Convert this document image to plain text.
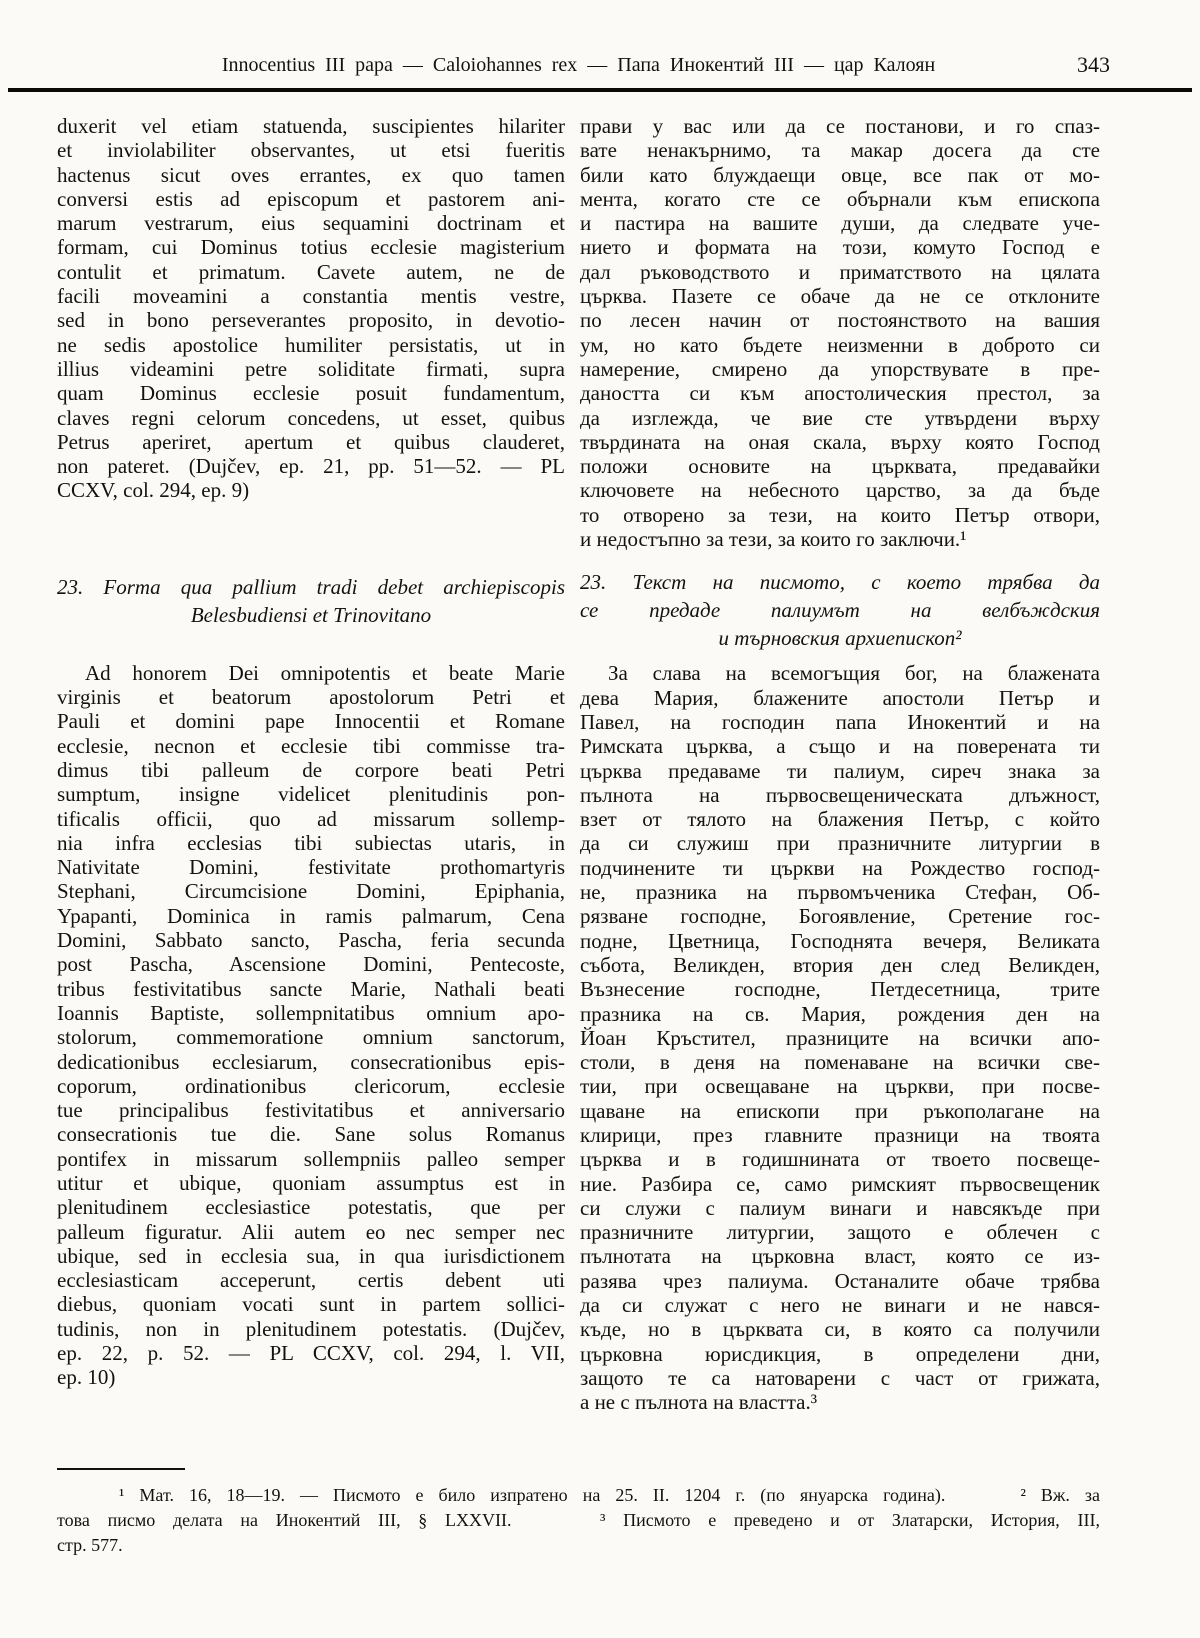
Innocentius III papa — Caloiohannes rex — Папа Инокентий III — цар Калоян	343
duxerit vel etiam statuenda, suscipientes hilariter
et inviolabiliter observantes, ut etsi fueritis
hactenus sicut oves errantes, ex quo tamen
conversi estis ad episcopum et pastorem ani-
marum vestrarum, eius sequamini doctrinam et
formam, cui Dominus totius ecclesie magisterium
contulit et primatum. Cavete autem, ne de
facili moveamini a constantia mentis vestre,
sed in bono perseverantes proposito, in devotio-
ne sedis apostolice humiliter persistatis, ut in
illius videamini petre soliditate firmati, supra
quam Dominus ecclesie posuit fundamentum,
claves regni celorum concedens, ut esset, quibus
Petrus aperiret, apertum et quibus clauderet,
non pateret. (Dujčev, ep. 21, pp. 51—52. — PL
CCXV, col. 294, ep. 9)
23. Forma qua pallium tradi debet archiepiscopis
Belesbudiensi et Trinovitano
Ad honorem Dei omnipotentis et beate Marie
virginis et beatorum apostolorum Petri et
Pauli et domini pape Innocentii et Romane
ecclesie, necnon et ecclesie tibi commisse tra-
dimus tibi palleum de corpore beati Petri
sumptum, insigne videlicet plenitudinis pon-
tificalis officii, quo ad missarum sollemp-
nia infra ecclesias tibi subiectas utaris, in
Nativitate Domini, festivitate prothomartyris
Stephani, Circumcisione Domini, Epiphania,
Ypapanti, Dominica in ramis palmarum, Cena
Domini, Sabbato sancto, Pascha, feria secunda
post Pascha, Ascensione Domini, Pentecoste,
tribus festivitatibus sancte Marie, Nathali beati
Ioannis Baptiste, sollempnitatibus omnium apo-
stolorum, commemoratione omnium sanctorum,
dedicationibus ecclesiarum, consecrationibus epis-
coporum, ordinationibus clericorum, ecclesie
tue principalibus festivitatibus et anniversario
consecrationis tue die. Sane solus Romanus
pontifex in missarum sollempniis palleo semper
utitur et ubique, quoniam assumptus est in
plenitudinem ecclesiastice potestatis, que per
palleum figuratur. Alii autem eo nec semper nec
ubique, sed in ecclesia sua, in qua iurisdictionem
ecclesiasticam acceperunt, certis debent uti
diebus, quoniam vocati sunt in partem sollici-
tudinis, non in plenitudinem potestatis. (Dujčev,
ep. 22, p. 52. — PL CCXV, col. 294, l. VII,
ep. 10)
прави у вас или да се постанови, и го спаз-
вате ненакърнимо, та макар досега да сте
били като блуждаещи овце, все пак от мо-
мента, когато сте се обърнали към епископа
и пастира на вашите души, да следвате уче-
нието и формата на този, комуто Господ е
дал ръководството и приматството на цялата
църква. Пазете се обаче да не се отклоните
по лесен начин от постоянството на вашия
ум, но като бъдете неизменни в доброто си
намерение, смирено да упорствувате в пре-
даността си към апостолическия престол, за
да изглежда, че вие сте утвърдени върху
твърдината на оная скала, върху която Господ
положи основите на църквата, предавайки
ключовете на небесното царство, за да бъде
то отворено за тези, на които Петър отвори,
и недостъпно за тези, за които го заключи.¹
23. Текст на писмото, с което трябва да
се предаде палиумът на велбъждския
и търновския архиепископ²
За слава на всемогъщия бог, на блажената
дева Мария, блажените апостоли Петър и
Павел, на господин папа Инокентий и на
Римската църква, а също и на поверената ти
църква предаваме ти палиум, сиреч знака за
пълнота на първосвещеническата длъжност,
взет от тялото на блажения Петър, с който
да си служиш при празничните литургии в
подчинените ти църкви на Рождество господ-
не, празника на първомъченика Стефан, Об-
рязване господне, Богоявление, Сретение гос-
подне, Цветница, Господнята вечеря, Великата
събота, Великден, втория ден след Великден,
Възнесение господне, Петдесетница, трите
празника на св. Мария, рождения ден на
Йоан Кръстител, празниците на всички апо-
столи, в деня на поменаване на всички све-
тии, при освещаване на църкви, при посве-
щаване на епископи при ръкополагане на
клирици, през главните празници на твоята
църква и в годишнината от твоето посвеще-
ние. Разбира се, само римският първосвещеник
си служи с палиум винаги и навсякъде при
празничните литургии, защото е облечен с
пълнотата на църковна власт, която се из-
разява чрез палиума. Останалите обаче трябва
да си служат с него не винаги и не нався-
къде, но в църквата си, в която са получили
църковна юрисдикция, в определени дни,
защото те са натоварени с част от грижата,
а не с пълнота на властта.³
¹ Мат. 16, 18—19. — Писмото е било изпратено на 25. II. 1204 г. (по януарска година).     ² Вж. за
това писмо делата на Инокентий III, § LXXVII.     ³ Писмото е преведено и от Златарски, История, III,
стр. 577.
